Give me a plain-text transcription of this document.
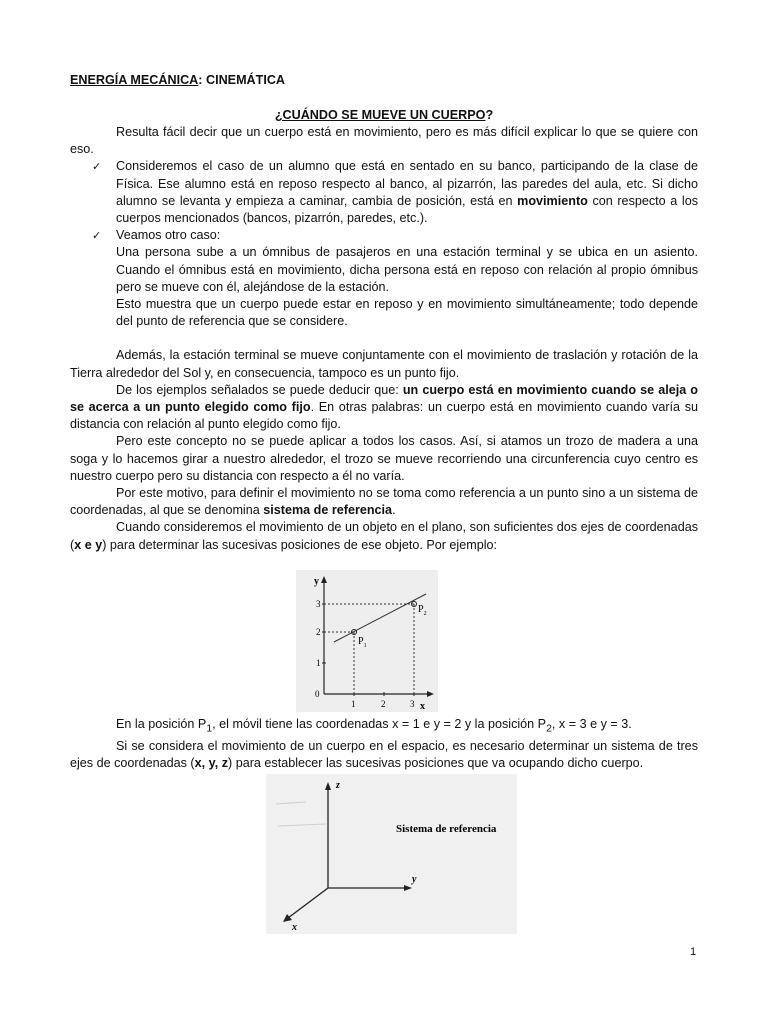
ENERGÍA MECÁNICA: CINEMÁTICA
¿CUÁNDO SE MUEVE UN CUERPO?

Resulta fácil decir que un cuerpo está en movimiento, pero es más difícil explicar lo que se quiere con eso.

✓ Consideremos el caso de un alumno que está en sentado en su banco, participando de la clase de Física. Ese alumno está en reposo respecto al banco, al pizarrón, las paredes del aula, etc. Si dicho alumno se levanta y empieza a caminar, cambia de posición, está en movimiento con respecto a los cuerpos mencionados (bancos, pizarrón, paredes, etc.).

✓ Veamos otro caso:

Una persona sube a un ómnibus de pasajeros en una estación terminal y se ubica en un asiento. Cuando el ómnibus está en movimiento, dicha persona está en reposo con relación al propio ómnibus pero se mueve con él, alejándose de la estación.

Esto muestra que un cuerpo puede estar en reposo y en movimiento simultáneamente; todo depende del punto de referencia que se considere.

Además, la estación terminal se mueve conjuntamente con el movimiento de traslación y rotación de la Tierra alrededor del Sol y, en consecuencia, tampoco es un punto fijo.

De los ejemplos señalados se puede deducir que: un cuerpo está en movimiento cuando se aleja o se acerca a un punto elegido como fijo. En otras palabras: un cuerpo está en movimiento cuando varía su distancia con relación al punto elegido como fijo.

Pero este concepto no se puede aplicar a todos los casos. Así, si atamos un trozo de madera a una soga y lo hacemos girar a nuestro alrededor, el trozo se mueve recorriendo una circunferencia cuyo centro es nuestro cuerpo pero su distancia con respecto a él no varía.

Por este motivo, para definir el movimiento no se toma como referencia a un punto sino a un sistema de coordenadas, al que se denomina sistema de referencia.

Cuando consideremos el movimiento de un objeto en el plano, son suficientes dos ejes de coordenadas (x e y) para determinar las sucesivas posiciones de ese objeto. Por ejemplo:

y
x
0
1
2
3
1	2	3
$P_1$
$P_2$

En la posición $P_1$, el móvil tiene las coordenadas x = 1 e y = 2 y la posición $P_2$, x = 3 e y = 3.

Si se considera el movimiento de un cuerpo en el espacio, es necesario determinar un sistema de tres ejes de coordenadas (x, y, z) para establecer las sucesivas posiciones que va ocupando dicho cuerpo.

z
y
x
Sistema de referencia
1
